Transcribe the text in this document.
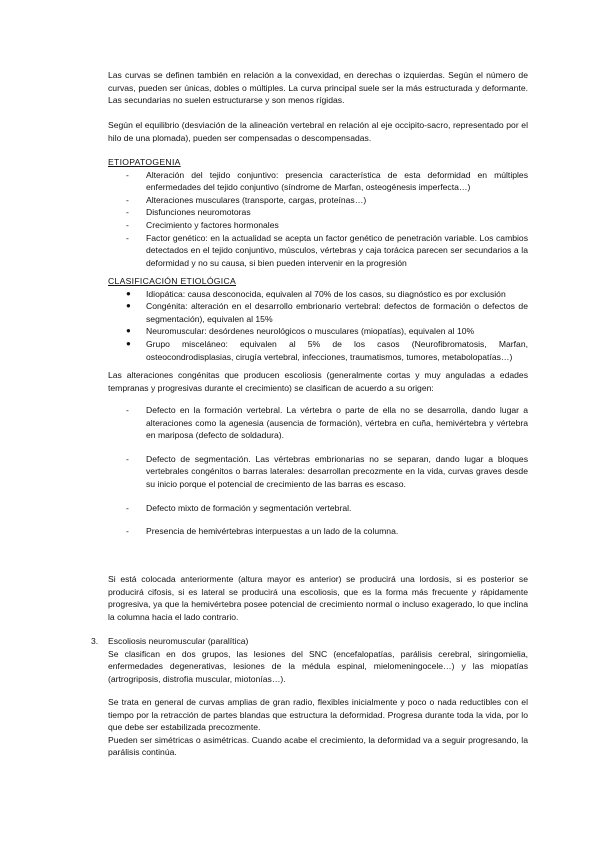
Las curvas se definen también en relación a la convexidad, en derechas o izquierdas. Según el número de curvas, pueden ser únicas, dobles o múltiples. La curva principal suele ser la más estructurada y deformante. Las secundarias no suelen estructurarse y son menos rígidas.

Según el equilibrio (desviación de la alineación vertebral en relación al eje occipito-sacro, representado por el hilo de una plomada), pueden ser compensadas o descompensadas.

ETIOPATOGENIA
- Alteración del tejido conjuntivo: presencia característica de esta deformidad en múltiples enfermedades del tejido conjuntivo (síndrome de Marfan, osteogénesis imperfecta…)
- Alteraciones musculares (transporte, cargas, proteínas…)
- Disfunciones neuromotoras
- Crecimiento y factores hormonales
- Factor genético: en la actualidad se acepta un factor genético de penetración variable. Los cambios detectados en el tejido conjuntivo, músculos, vértebras y caja torácica parecen ser secundarios a la deformidad y no su causa, si bien pueden intervenir en la progresión
CLASIFICACIÓN ETIOLÓGICA
● Idiopática: causa desconocida, equivalen al 70% de los casos, su diagnóstico es por exclusión
● Congénita: alteración en el desarrollo embrionario vertebral: defectos de formación o defectos de segmentación), equivalen al 15%
● Neuromuscular: desórdenes neurológicos o musculares (miopatías), equivalen al 10%
● Grupo misceláneo: equivalen al 5% de los casos (Neurofibromatosis, Marfan, osteocondrodisplasias, cirugía vertebral, infecciones, traumatismos, tumores, metabolopatías…)

Las alteraciones congénitas que producen escoliosis (generalmente cortas y muy anguladas a edades tempranas y progresivas durante el crecimiento) se clasifican de acuerdo a su origen:

- Defecto en la formación vertebral. La vértebra o parte de ella no se desarrolla, dando lugar a alteraciones como la agenesia (ausencia de formación), vértebra en cuña, hemivértebra y vértebra en mariposa (defecto de soldadura).
- Defecto de segmentación. Las vértebras embrionarias no se separan, dando lugar a bloques vertebrales congénitos o barras laterales: desarrollan precozmente en la vida, curvas graves desde su inicio porque el potencial de crecimiento de las barras es escaso.
- Defecto mixto de formación y segmentación vertebral.
- Presencia de hemivértebras interpuestas a un lado de la columna.

Si está colocada anteriormente (altura mayor es anterior) se producirá una lordosis, si es posterior se producirá cifosis, si es lateral se producirá una escoliosis, que es la forma más frecuente y rápidamente progresiva, ya que la hemivértebra posee potencial de crecimiento normal o incluso exagerado, lo que inclina la columna hacia el lado contrario.

3. Escoliosis neuromuscular (paralítica)

Se clasifican en dos grupos, las lesiones del SNC (encefalopatías, parálisis cerebral, siringomielia, enfermedades degenerativas, lesiones de la médula espinal, mielomeningocele…) y las miopatías (artrogriposis, distrofia muscular, miotonías…).

Se trata en general de curvas amplias de gran radio, flexibles inicialmente y poco o nada reductibles con el tiempo por la retracción de partes blandas que estructura la deformidad. Progresa durante toda la vida, por lo que debe ser estabilizada precozmente.

Pueden ser simétricas o asimétricas. Cuando acabe el crecimiento, la deformidad va a seguir progresando, la parálisis continúa.
